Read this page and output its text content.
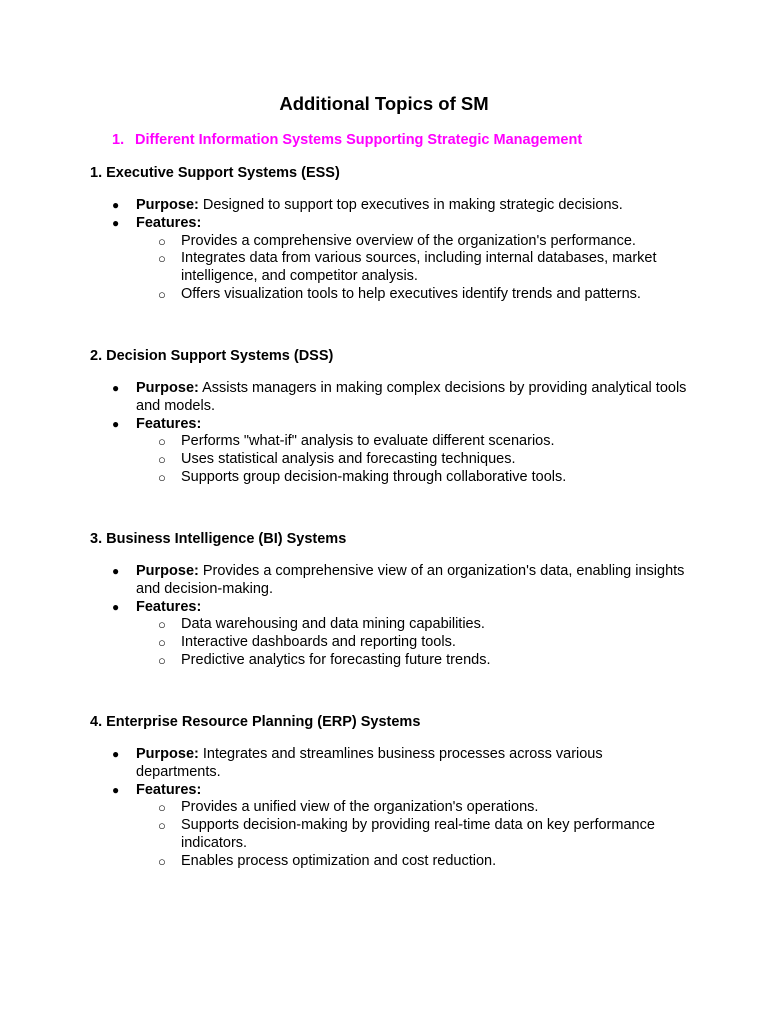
Additional Topics of SM
1. Different Information Systems Supporting Strategic Management

1. Executive Support Systems (ESS)

● Purpose: Designed to support top executives in making strategic decisions.
● Features:
○ Provides a comprehensive overview of the organization's performance.
○ Integrates data from various sources, including internal databases, market intelligence, and competitor analysis.
○ Offers visualization tools to help executives identify trends and patterns.

2. Decision Support Systems (DSS)

● Purpose: Assists managers in making complex decisions by providing analytical tools and models.
● Features:
○ Performs "what-if" analysis to evaluate different scenarios.
○ Uses statistical analysis and forecasting techniques.
○ Supports group decision-making through collaborative tools.

3. Business Intelligence (BI) Systems

● Purpose: Provides a comprehensive view of an organization's data, enabling insights and decision-making.
● Features:
○ Data warehousing and data mining capabilities.
○ Interactive dashboards and reporting tools.
○ Predictive analytics for forecasting future trends.

4. Enterprise Resource Planning (ERP) Systems

● Purpose: Integrates and streamlines business processes across various departments.
● Features:
○ Provides a unified view of the organization's operations.
○ Supports decision-making by providing real-time data on key performance indicators.
○ Enables process optimization and cost reduction.
